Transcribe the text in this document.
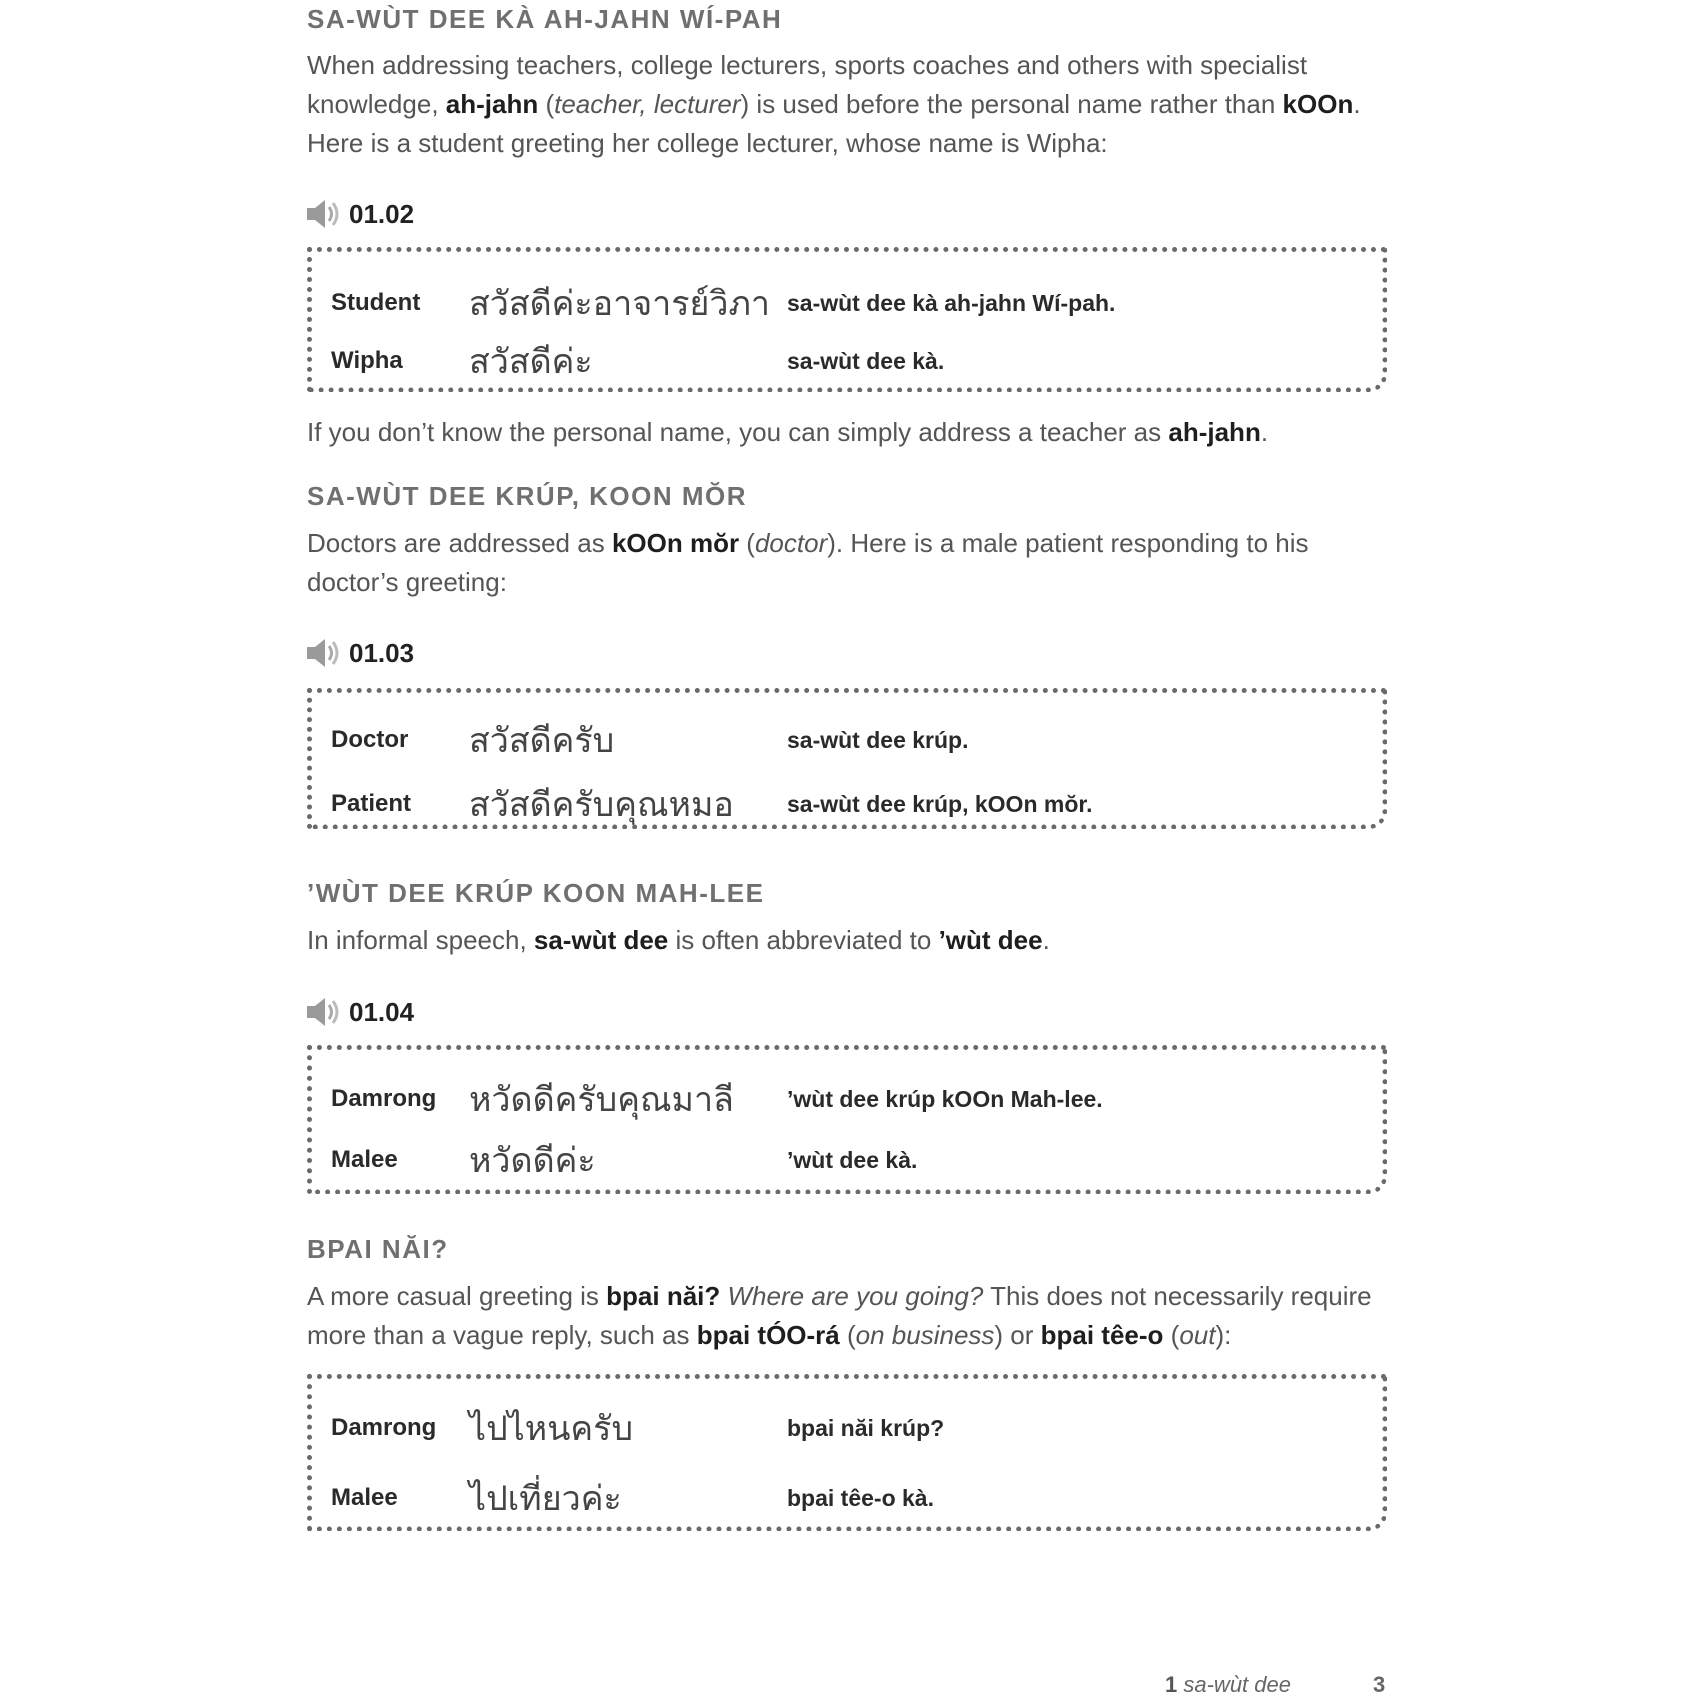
SA-WÙT DEE KÀ AH-JAHN WÍ-PAH
When addressing teachers, college lecturers, sports coaches and others with specialist knowledge, ah-jahn (teacher, lecturer) is used before the personal name rather than kOOn. Here is a student greeting her college lecturer, whose name is Wipha:
01.02
Student สวัสดีค่ะอาจารย์วิภา sa-wùt dee kà ah-jahn Wí-pah.
Wipha สวัสดีค่ะ	sa-wùt dee kà.
If you don’t know the personal name, you can simply address a teacher as ah-jahn.
SA-WÙT DEE KRÚP, KOON MŎR
Doctors are addressed as kOOn mŏr (doctor). Here is a male patient responding to his doctor’s greeting:
01.03
Doctor สวัสดีครับ	sa-wùt dee krúp.
Patient สวัสดีครับคุณหมอ sa-wùt dee krúp, kOOn mŏr.
’WÙT DEE KRÚP KOON MAH-LEE
In informal speech, sa-wùt dee is often abbreviated to ’wùt dee.
01.04
Damrong หวัดดีครับคุณมาลี ’wùt dee krúp kOOn Mah-lee.
Malee หวัดดีค่ะ	’wùt dee kà.
BPAI NĂI?
A more casual greeting is bpai năi? Where are you going? This does not necessarily require more than a vague reply, such as bpai tÓO-rá (on business) or bpai têe-o (out):
Damrong ไปไหนครับ	bpai năi krúp?
Malee ไปเที่ยวค่ะ	bpai têe-o kà.
1 sa-wùt dee	3
